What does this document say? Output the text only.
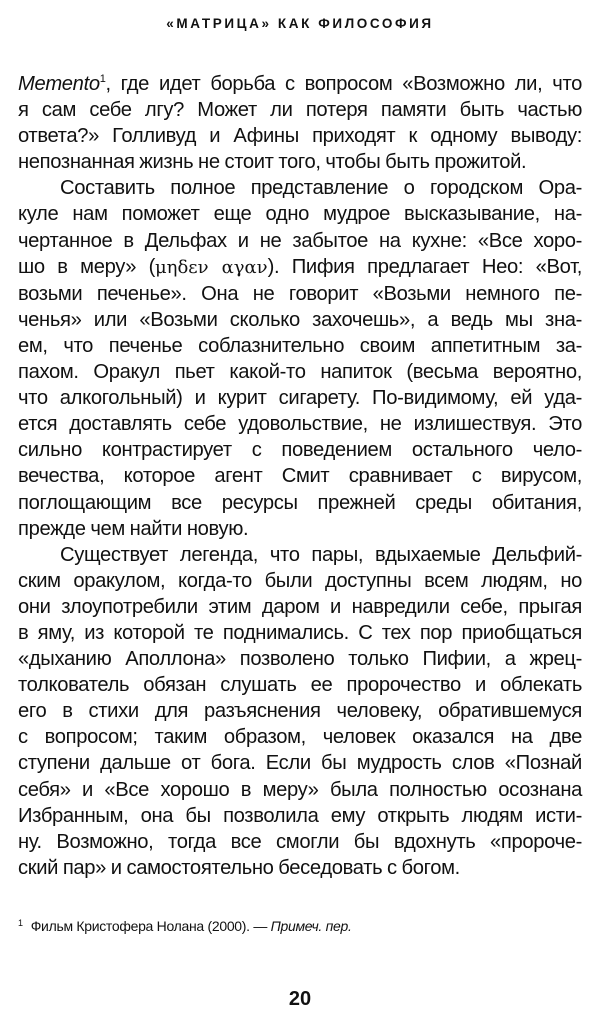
«МАТРИЦА» КАК ФИЛОСОФИЯ
Memento$^1$, где идет борьба с вопросом «Возможно ли, что
я сам себе лгу? Может ли потеря памяти быть частью
ответа?» Голливуд и Афины приходят к одному выводу:
непознанная жизнь не стоит того, чтобы быть прожитой.
Составить полное представление о городском Ора-
куле нам поможет еще одно мудрое высказывание, на-
чертанное в Дельфах и не забытое на кухне: «Все хоро-
шо в меру» (μηδεν αγαν). Пифия предлагает Нео: «Вот,
возьми печенье». Она не говорит «Возьми немного пе-
ченья» или «Возьми сколько захочешь», а ведь мы зна-
ем, что печенье соблазнительно своим аппетитным за-
пахом. Оракул пьет какой-то напиток (весьма вероятно,
что алкогольный) и курит сигарету. По-видимому, ей уда-
ется доставлять себе удовольствие, не излишествуя. Это
сильно контрастирует с поведением остального чело-
вечества, которое агент Смит сравнивает с вирусом,
поглощающим все ресурсы прежней среды обитания,
прежде чем найти новую.
Существует легенда, что пары, вдыхаемые Дельфий-
ским оракулом, когда-то были доступны всем людям, но
они злоупотребили этим даром и навредили себе, прыгая
в яму, из которой те поднимались. С тех пор приобщаться
«дыханию Аполлона» позволено только Пифии, а жрец-
толкователь обязан слушать ее пророчество и облекать
его в стихи для разъяснения человеку, обратившемуся
с вопросом; таким образом, человек оказался на две
ступени дальше от бога. Если бы мудрость слов «Познай
себя» и «Все хорошо в меру» была полностью осознана
Избранным, она бы позволила ему открыть людям исти-
ну. Возможно, тогда все смогли бы вдохнуть «пророче-
ский пар» и самостоятельно беседовать с богом.
$^1$ Фильм Кристофера Нолана (2000). — Примеч. пер.
20
